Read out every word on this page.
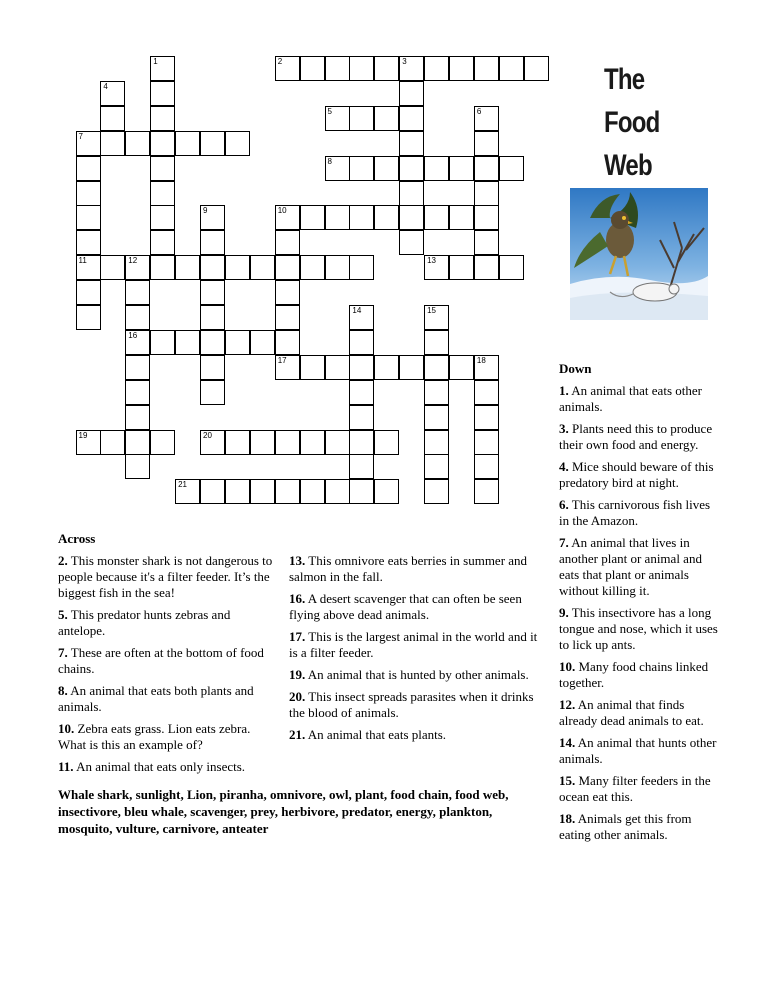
2	3
5
8
10
11	12	13
16
17	18
19	20
21
1
4
6
7
9
14	15
The
Food
Web
Down
1. An animal that eats other animals.
3. Plants need this to produce their own food and energy.
4. Mice should beware of this predatory bird at night.
6. This carnivorous fish lives in the Amazon.
7. An animal that lives in another plant or animal and eats that plant or animals without killing it.
9. This insectivore has a long tongue and nose, which it uses to lick up ants.
10. Many food chains linked together.
12. An animal that finds already dead animals to eat.
14. An animal that hunts other animals.
15. Many filter feeders in the ocean eat this.
18. Animals get this from eating other animals.
Across
2. This monster shark is not dangerous to people because it's a filter feeder. It’s the biggest fish in the sea!
5. This predator hunts zebras and antelope.
7. These are often at the bottom of food chains.
8. An animal that eats both plants and animals.
10. Zebra eats grass. Lion eats zebra. What is this an example of?
11. An animal that eats only insects.
13. This omnivore eats berries in summer and salmon in the fall.
16. A desert scavenger that can often be seen flying above dead animals.
17. This is the largest animal in the world and it is a filter feeder.
19. An animal that is hunted by other animals.
20. This insect spreads parasites when it drinks the blood of animals.
21. An animal that eats plants.
Whale shark, sunlight, Lion, piranha, omnivore, owl, plant, food chain, food web, insectivore, bleu whale, scavenger, prey, herbivore, predator, energy, plankton, mosquito, vulture, carnivore, anteater
